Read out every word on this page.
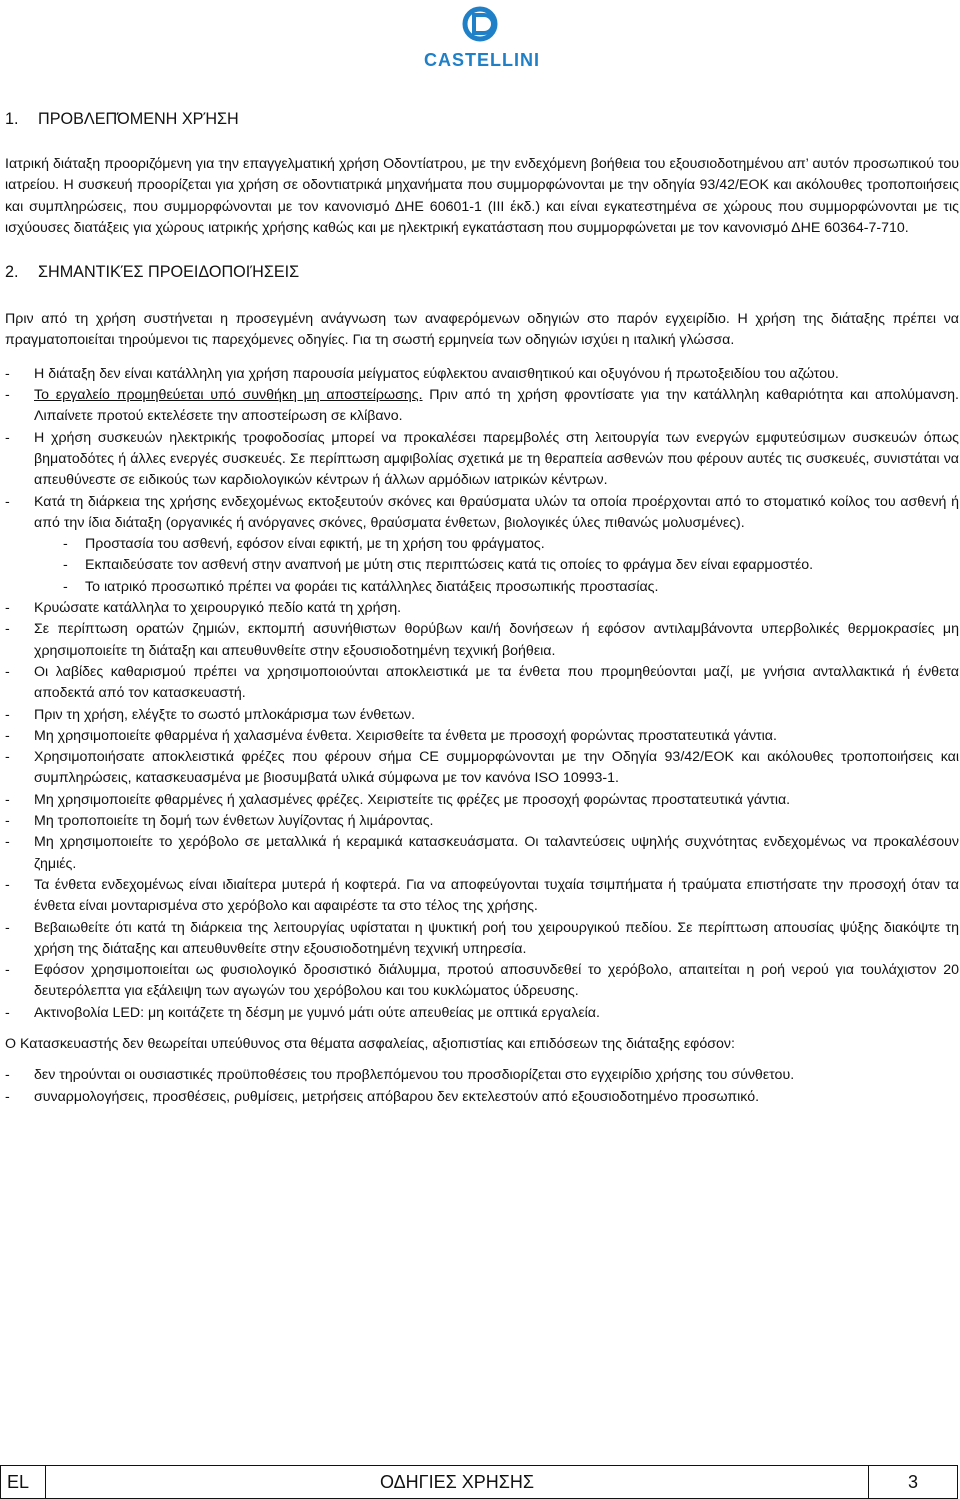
CASTELLINI
1. ΠΡΟΒΛΕΠΌΜΕΝΗ ΧΡΉΣΗ

Ιατρική διάταξη προοριζόμενη για την επαγγελματική χρήση Οδοντίατρου, με την ενδεχόμενη βοήθεια του εξουσιοδοτημένου απ’ αυτόν προσωπικού του ιατρείου. Η συσκευή προορίζεται για χρήση σε οδοντιατρικά μηχανήματα που συμμορφώνονται με την οδηγία 93/42/ΕΟΚ και ακόλουθες τροποποιήσεις και συμπληρώσεις, που συμμορφώνονται με τον κανονισμό ΔΗΕ 60601-1 (III έκδ.) και είναι εγκατεστημένα σε χώρους που συμμορφώνονται με τις ισχύουσες διατάξεις για χώρους ιατρικής χρήσης καθώς και με ηλεκτρική εγκατάσταση που συμμορφώνεται με τον κανονισμό ΔΗΕ 60364-7-710.

2. ΣΗΜΑΝΤΙΚΈΣ ΠΡΟΕΙΔΟΠΟΙΉΣΕΙΣ

Πριν από τη χρήση συστήνεται η προσεγμένη ανάγνωση των αναφερόμενων οδηγιών στο παρόν εγχειρίδιο. Η χρήση της διάταξης πρέπει να πραγματοποιείται τηρούμενοι τις παρεχόμενες οδηγίες. Για τη σωστή ερμηνεία των οδηγιών ισχύει η ιταλική γλώσσα.

- Η διάταξη δεν είναι κατάλληλη για χρήση παρουσία μείγματος εύφλεκτου αναισθητικού και οξυγόνου ή πρωτοξειδίου του αζώτου.
- Το εργαλείο προμηθεύεται υπό συνθήκη μη αποστείρωσης. Πριν από τη χρήση φροντίσατε για την κατάλληλη καθαριότητα και απολύμανση. Λιπαίνετε προτού εκτελέσετε την αποστείρωση σε κλίβανο.
- Η χρήση συσκευών ηλεκτρικής τροφοδοσίας μπορεί να προκαλέσει παρεμβολές στη λειτουργία των ενεργών εμφυτεύσιμων συσκευών όπως βηματοδότες ή άλλες ενεργές συσκευές. Σε περίπτωση αμφιβολίας σχετικά με τη θεραπεία ασθενών που φέρουν αυτές τις συσκευές, συνιστάται να απευθύνεστε σε ειδικούς των καρδιολογικών κέντρων ή άλλων αρμόδιων ιατρικών κέντρων.
- Κατά τη διάρκεια της χρήσης ενδεχομένως εκτοξευτούν σκόνες και θραύσματα υλών τα οποία προέρχονται από το στοματικό κοίλος του ασθενή ή από την ίδια διάταξη (οργανικές ή ανόργανες σκόνες, θραύσματα ένθετων, βιολογικές ύλες πιθανώς μολυσμένες).
- Προστασία του ασθενή, εφόσον είναι εφικτή, με τη χρήση του φράγματος.
- Εκπαιδεύσατε τον ασθενή στην αναπνοή με μύτη στις περιπτώσεις κατά τις οποίες το φράγμα δεν είναι εφαρμοστέο.
- Το ιατρικό προσωπικό πρέπει να φοράει τις κατάλληλες διατάξεις προσωπικής προστασίας.
- Κρυώσατε κατάλληλα το χειρουργικό πεδίο κατά τη χρήση.
- Σε περίπτωση ορατών ζημιών, εκπομπή ασυνήθιστων θορύβων και/ή δονήσεων ή εφόσον αντιλαμβάνοντα υπερβολικές θερμοκρασίες μη χρησιμοποιείτε τη διάταξη και απευθυνθείτε στην εξουσιοδοτημένη τεχνική βοήθεια.
- Οι λαβίδες καθαρισμού πρέπει να χρησιμοποιούνται αποκλειστικά με τα ένθετα που προμηθεύονται μαζί, με γνήσια ανταλλακτικά ή ένθετα αποδεκτά από τον κατασκευαστή.
- Πριν τη χρήση, ελέγξτε το σωστό μπλοκάρισμα των ένθετων.
- Μη χρησιμοποιείτε φθαρμένα ή χαλασμένα ένθετα. Χειρισθείτε τα ένθετα με προσοχή φορώντας προστατευτικά γάντια.
- Χρησιμοποιήσατε αποκλειστικά φρέζες που φέρουν σήμα CE συμμορφώνονται με την Οδηγία 93/42/ΕΟΚ και ακόλουθες τροποποιήσεις και συμπληρώσεις, κατασκευασμένα με βιοσυμβατά υλικά σύμφωνα με τον κανόνα ISO 10993-1.
- Μη χρησιμοποιείτε φθαρμένες ή χαλασμένες φρέζες. Χειριστείτε τις φρέζες με προσοχή φορώντας προστατευτικά γάντια.
- Μη τροποποιείτε τη δομή των ένθετων λυγίζοντας ή λιμάροντας.
- Μη χρησιμοποιείτε το χερόβολο σε μεταλλικά ή κεραμικά κατασκευάσματα. Οι ταλαντεύσεις υψηλής συχνότητας ενδεχομένως να προκαλέσουν ζημιές.
- Τα ένθετα ενδεχομένως είναι ιδιαίτερα μυτερά ή κοφτερά. Για να αποφεύγονται τυχαία τσιμπήματα ή τραύματα επιστήσατε την προσοχή όταν τα ένθετα είναι μονταρισμένα στο χερόβολο και αφαιρέστε τα στο τέλος της χρήσης.
- Βεβαιωθείτε ότι κατά τη διάρκεια της λειτουργίας υφίσταται η ψυκτική ροή του χειρουργικού πεδίου. Σε περίπτωση απουσίας ψύξης διακόψτε τη χρήση της διάταξης και απευθυνθείτε στην εξουσιοδοτημένη τεχνική υπηρεσία.
- Εφόσον χρησιμοποιείται ως φυσιολογικό δροσιστικό διάλυμμα, προτού αποσυνδεθεί το χερόβολο, απαιτείται η ροή νερού για τουλάχιστον 20 δευτερόλεπτα για εξάλειψη των αγωγών του χερόβολου και του κυκλώματος ύδρευσης.
- Ακτινοβολία LED: μη κοιτάζετε τη δέσμη με γυμνό μάτι ούτε απευθείας με οπτικά εργαλεία.

Ο Κατασκευαστής δεν θεωρείται υπεύθυνος στα θέματα ασφαλείας, αξιοπιστίας και επιδόσεων της διάταξης εφόσον:

- δεν τηρούνται οι ουσιαστικές προϋποθέσεις του προβλεπόμενου του προσδιορίζεται στο εγχειρίδιο χρήσης του σύνθετου.
- συναρμολογήσεις, προσθέσεις, ρυθμίσεις, μετρήσεις απόβαρου δεν εκτελεστούν από εξουσιοδοτημένο προσωπικό.
EL	ΟΔΗΓΙΕΣ ΧΡΗΣΗΣ	3
